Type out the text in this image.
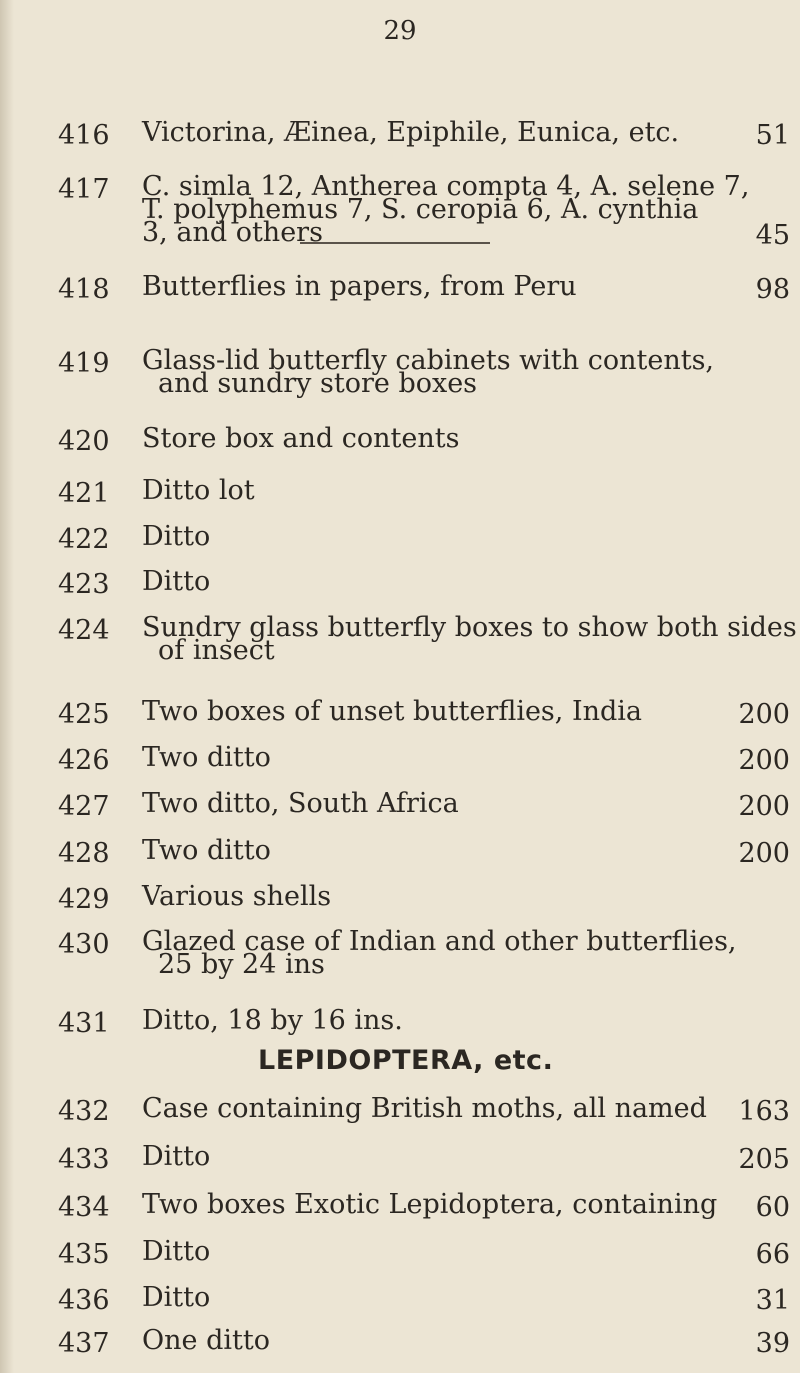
29
LEPIDOPTERA, etc.
416 Victorina, Æinea, Epiphile, Eunica, etc.	51
417 C. simla 12, Antherea compta 4, A. selene 7,
T. polyphemus 7, S. ceropia 6, A. cynthia
3, and others	45
418 Butterflies in papers, from Peru	98
419 Glass-lid butterfly cabinets with contents,
and sundry store boxes
420 Store box and contents
421 Ditto lot
422 Ditto
423 Ditto
424 Sundry glass butterfly boxes to show both sides
of insect
425 Two boxes of unset butterflies, India	200
426 Two ditto	200
427 Two ditto, South Africa	200
428 Two ditto	200
429 Various shells
430 Glazed case of Indian and other butterflies,
25 by 24 ins
431 Ditto, 18 by 16 ins.
432 Case containing British moths, all named 163
433 Ditto	205
434 Two boxes Exotic Lepidoptera, containing 60
435 Ditto	66
436 Ditto	31
437 One ditto	39
